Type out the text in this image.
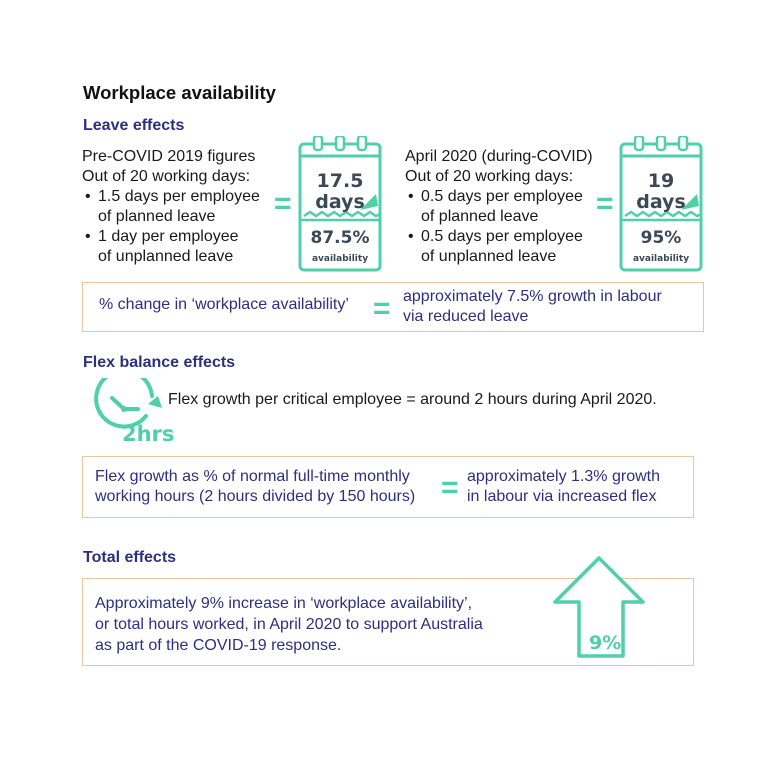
Workplace availability
Leave effects
Pre-COVID 2019 figures
Out of 20 working days:
• 1.5 days per employee
of planned leave
• 1 day per employee
of unplanned leave
=
17.5
days
87.5%
availability
April 2020 (during-COVID)
Out of 20 working days:
• 0.5 days per employee
of planned leave
• 0.5 days per employee
of unplanned leave
=
19
days
95%
availability
% change in ‘workplace availability’ = approximately 7.5% growth in labour
via reduced leave
Flex balance effects
2hrs
Flex growth per critical employee = around 2 hours during April 2020.
Flex growth as % of normal full-time monthly
working hours (2 hours divided by 150 hours) = approximately 1.3% growth
in labour via increased flex
Total effects
Approximately 9% increase in ‘workplace availability’,
or total hours worked, in April 2020 to support Australia
as part of the COVID-19 response.	9%
